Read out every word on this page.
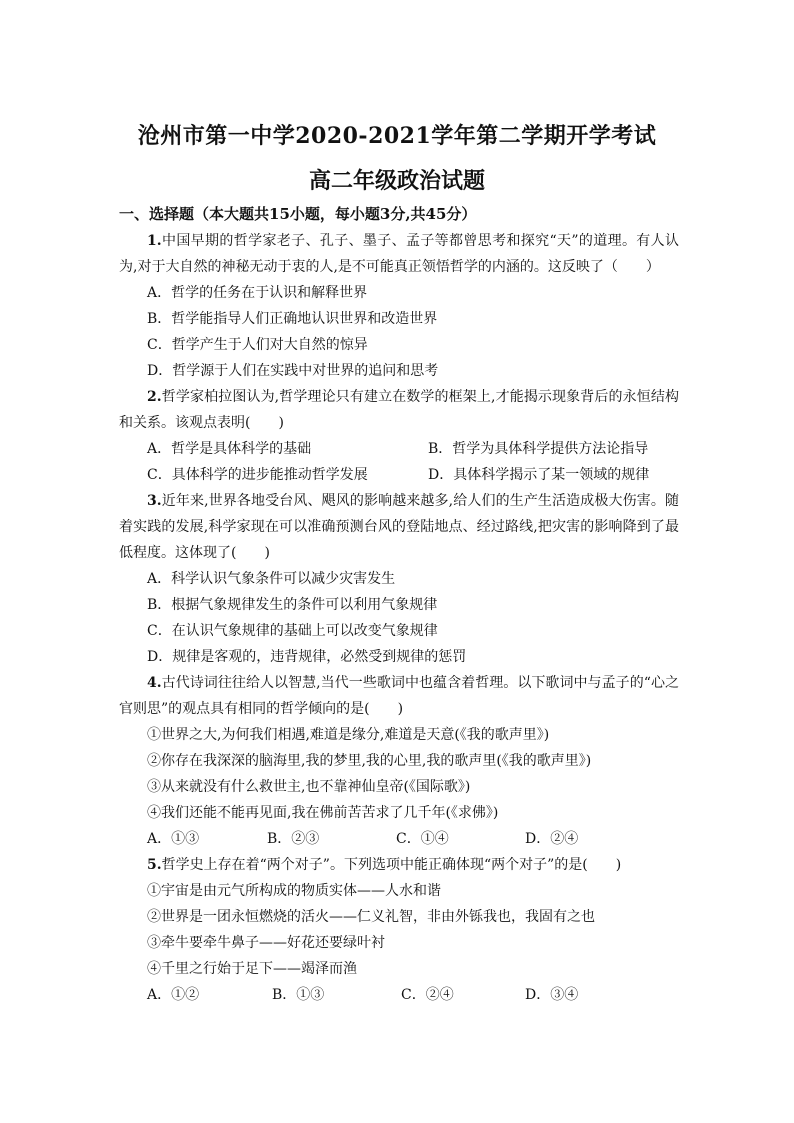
沧州市第一中学2020-2021学年第二学期开学考试
高二年级政治试题
一、选择题（本大题共15小题，每小题3分,共45分）

1.中国早期的哲学家老子、孔子、墨子、孟子等都曾思考和探究“天”的道理。有人认为,对于大自然的神秘无动于衷的人,是不可能真正领悟哲学的内涵的。这反映了（　　）

A．哲学的任务在于认识和解释世界
B．哲学能指导人们正确地认识世界和改造世界
C．哲学产生于人们对大自然的惊异
D．哲学源于人们在实践中对世界的追问和思考

2.哲学家柏拉图认为,哲学理论只有建立在数学的框架上,才能揭示现象背后的永恒结构和关系。该观点表明(　　)

A．哲学是具体科学的基础	B．哲学为具体科学提供方法论指导
C．具体科学的进步能推动哲学发展	D．具体科学揭示了某一领域的规律

3.近年来,世界各地受台风、飓风的影响越来越多,给人们的生产生活造成极大伤害。随着实践的发展,科学家现在可以准确预测台风的登陆地点、经过路线,把灾害的影响降到了最低程度。这体现了(　　)

A．科学认识气象条件可以减少灾害发生
B．根据气象规律发生的条件可以利用气象规律
C．在认识气象规律的基础上可以改变气象规律
D．规律是客观的，违背规律，必然受到规律的惩罚

4.古代诗词往往给人以智慧,当代一些歌词中也蕴含着哲理。以下歌词中与孟子的“心之官则思”的观点具有相同的哲学倾向的是(　　)

①世界之大,为何我们相遇,难道是缘分,难道是天意(《我的歌声里》)
②你存在我深深的脑海里,我的梦里,我的心里,我的歌声里(《我的歌声里》)
③从来就没有什么救世主,也不靠神仙皇帝(《国际歌》)
④我们还能不能再见面,我在佛前苦苦求了几千年(《求佛》)
A．①③	B．②③	C．①④	D．②④

5.哲学史上存在着“两个对子”。下列选项中能正确体现“两个对子”的是(　　)

①宇宙是由元气所构成的物质实体——人水和谐
②世界是一团永恒燃烧的活火——仁义礼智，非由外铄我也，我固有之也
③牵牛要牵牛鼻子——好花还要绿叶衬
④千里之行始于足下——竭泽而渔
A．①②	B．①③	C．②④	D．③④
